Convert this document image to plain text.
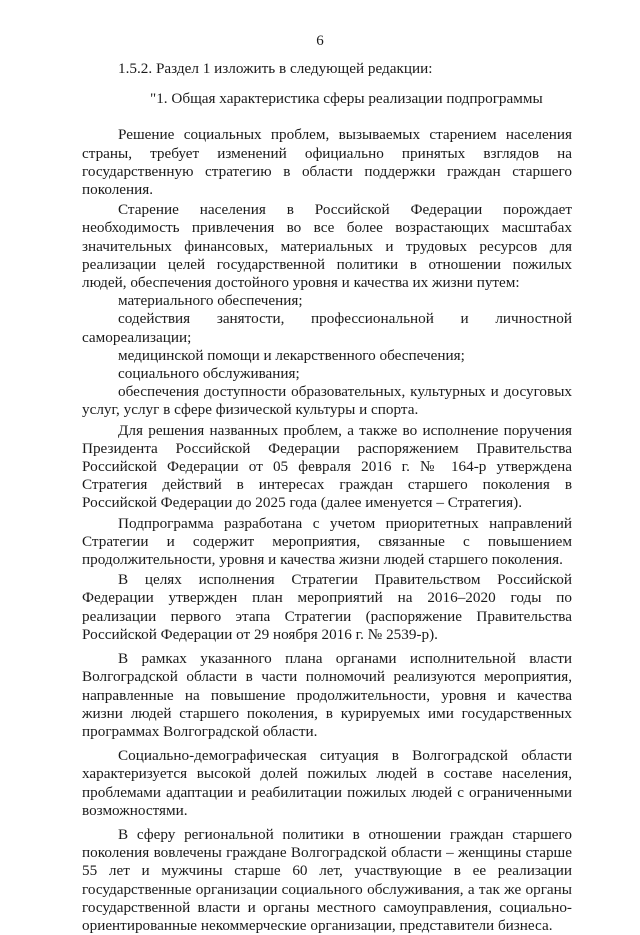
6

1.5.2. Раздел 1 изложить в следующей редакции:

"1. Общая характеристика сферы реализации подпрограммы

Решение социальных проблем, вызываемых старением населения страны, требует изменений официально принятых взглядов на государственную стратегию в области поддержки граждан старшего поколения.

Старение населения в Российской Федерации порождает необходимость привлечения во все более возрастающих масштабах значительных финансовых, материальных и трудовых ресурсов для реализации целей государственной политики в отношении пожилых людей, обеспечения достойного уровня и качества их жизни путем:

материального обеспечения;

содействия занятости, профессиональной и личностной самореализации;

медицинской помощи и лекарственного обеспечения;

социального обслуживания;

обеспечения доступности образовательных, культурных и досуговых услуг, услуг в сфере физической культуры и спорта.

Для решения названных проблем, а также во исполнение поручения Президента Российской Федерации распоряжением Правительства Российской Федерации от 05 февраля 2016 г. № 164-р утверждена Стратегия действий в интересах граждан старшего поколения в Российской Федерации до 2025 года (далее именуется – Стратегия).

Подпрограмма разработана с учетом приоритетных направлений Стратегии и содержит мероприятия, связанные с повышением продолжительности, уровня и качества жизни людей старшего поколения.

В целях исполнения Стратегии Правительством Российской Федерации утвержден план мероприятий на 2016–2020 годы по реализации первого этапа Стратегии (распоряжение Правительства Российской Федерации от 29 ноября 2016 г. № 2539-р).

В рамках указанного плана органами исполнительной власти Волгоградской области в части полномочий реализуются мероприятия, направленные на повышение продолжительности, уровня и качества жизни людей старшего поколения, в курируемых ими государственных программах Волгоградской области.

Социально-демографическая ситуация в Волгоградской области характеризуется высокой долей пожилых людей в составе населения, проблемами адаптации и реабилитации пожилых людей с ограниченными возможностями.

В сферу региональной политики в отношении граждан старшего поколения вовлечены граждане Волгоградской области – женщины старше 55 лет и мужчины старше 60 лет, участвующие в ее реализации государственные организации социального обслуживания, а так же органы государственной власти и органы местного самоуправления, социально-ориентированные некоммерческие организации, представители бизнеса.
